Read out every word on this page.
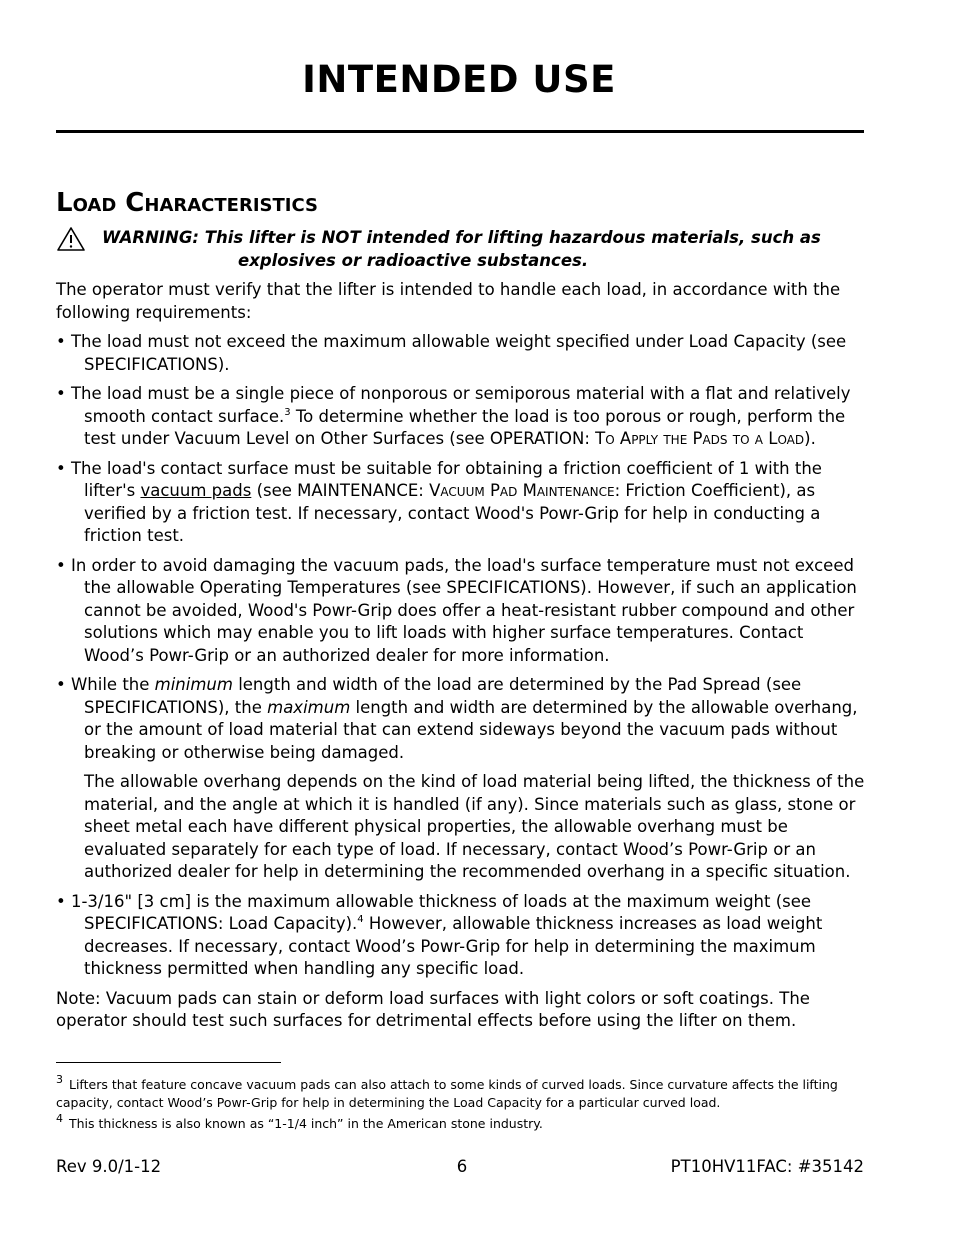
INTENDED USE
Load Characteristics
WARNING: This lifter is NOT intended for lifting hazardous materials, such as
explosives or radioactive substances.

The operator must verify that the lifter is intended to handle each load, in accordance with the following requirements:

• The load must not exceed the maximum allowable weight specified under Load Capacity (see SPECIFICATIONS).

• The load must be a single piece of nonporous or semiporous material with a flat and relatively smooth contact surface.$^3$ To determine whether the load is too porous or rough, perform the test under Vacuum Level on Other Surfaces (see OPERATION: To Apply the Pads to a Load).

• The load's contact surface must be suitable for obtaining a friction coefficient of 1 with the lifter's vacuum pads (see MAINTENANCE: Vacuum Pad Maintenance: Friction Coefficient), as verified by a friction test. If necessary, contact Wood's Powr-Grip for help in conducting a friction test.

• In order to avoid damaging the vacuum pads, the load's surface temperature must not exceed the allowable Operating Temperatures (see SPECIFICATIONS). However, if such an application cannot be avoided, Wood's Powr-Grip does offer a heat-resistant rubber compound and other solutions which may enable you to lift loads with higher surface temperatures. Contact Wood’s Powr-Grip or an authorized dealer for more information.

• While the minimum length and width of the load are determined by the Pad Spread (see SPECIFICATIONS), the maximum length and width are determined by the allowable overhang, or the amount of load material that can extend sideways beyond the vacuum pads without breaking or otherwise being damaged.

The allowable overhang depends on the kind of load material being lifted, the thickness of the material, and the angle at which it is handled (if any). Since materials such as glass, stone or sheet metal each have different physical properties, the allowable overhang must be evaluated separately for each type of load. If necessary, contact Wood’s Powr-Grip or an authorized dealer for help in determining the recommended overhang in a specific situation.

• 1-3/16" [3 cm] is the maximum allowable thickness of loads at the maximum weight (see SPECIFICATIONS: Load Capacity).$^4$ However, allowable thickness increases as load weight decreases. If necessary, contact Wood’s Powr-Grip for help in determining the maximum thickness permitted when handling any specific load.

Note: Vacuum pads can stain or deform load surfaces with light colors or soft coatings. The operator should test such surfaces for detrimental effects before using the lifter on them.

$^3$ Lifters that feature concave vacuum pads can also attach to some kinds of curved loads. Since curvature affects the lifting capacity, contact Wood’s Powr-Grip for help in determining the Load Capacity for a particular curved load.

$^4$ This thickness is also known as “1-1/4 inch” in the American stone industry.

Rev 9.0/1-12	6	PT10HV11FAC: #35142
